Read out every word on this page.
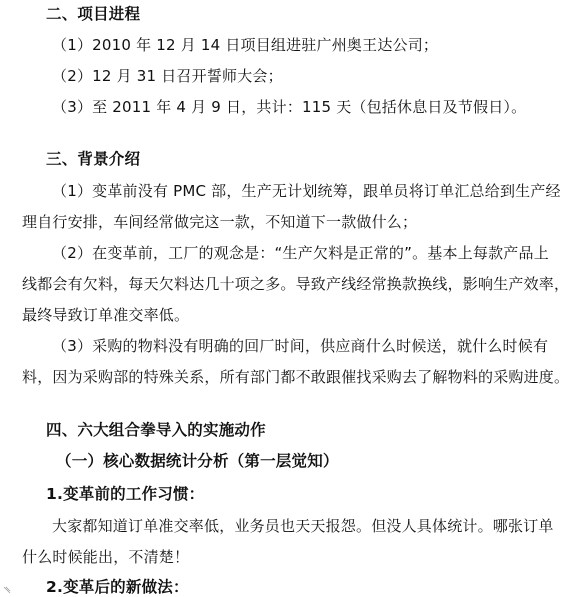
二、项目进程
（1）2010 年 12 月 14 日项目组进驻广州奥王达公司；
（2）12 月 31 日召开誓师大会；
（3）至 2011 年 4 月 9 日，共计：115 天（包括休息日及节假日）。
三、背景介绍
（1）变革前没有 PMC 部，生产无计划统筹，跟单员将订单汇总给到生产经
理自行安排，车间经常做完这一款，不知道下一款做什么；
（2）在变革前，工厂的观念是：“生产欠料是正常的”。基本上每款产品上
线都会有欠料，每天欠料达几十项之多。导致产线经常换款换线，影响生产效率，
最终导致订单准交率低。
（3）采购的物料没有明确的回厂时间，供应商什么时候送，就什么时候有
料，因为采购部的特殊关系，所有部门都不敢跟催找采购去了解物料的采购进度。
四、六大组合拳导入的实施动作
（一）核心数据统计分析（第一层觉知）
1.变革前的工作习惯：
大家都知道订单准交率低，业务员也天天报怨。但没人具体统计。哪张订单
什么时候能出，不清楚！
2.变革后的新做法：
